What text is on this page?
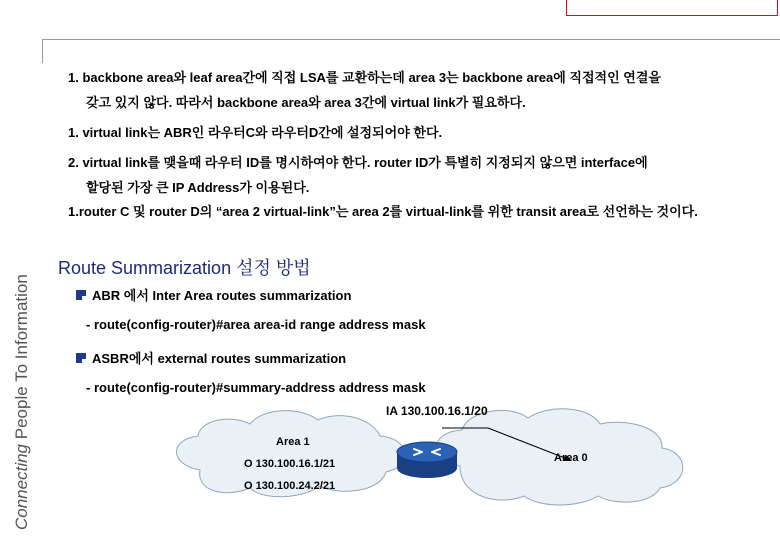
Connecting People To Information
1. backbone area와 leaf area간에 직접 LSA를 교환하는데 area 3는 backbone area에 직접적인 연결을
갖고 있지 않다. 따라서 backbone area와 area 3간에 virtual link가 필요하다.
1. virtual link는 ABR인 라우터C와 라우터D간에 설정되어야 한다.
2. virtual link를 맺을때 라우터 ID를 명시하여야 한다. router ID가 특별히 지정되지 않으면 interface에
할당된 가장 큰 IP Address가 이용된다.
1.router C 및 router D의 “area 2 virtual-link”는 area 2를 virtual-link를 위한 transit area로 선언하는 것이다.
Route Summarization 설정 방법
ABR 에서 Inter Area routes summarization
- route(config-router)#area area-id range address mask
ASBR에서 external routes summarization
- route(config-router)#summary-address address mask
IA 130.100.16.1/20
Area 1
O 130.100.16.1/21
O 130.100.24.2/21
Area 0
